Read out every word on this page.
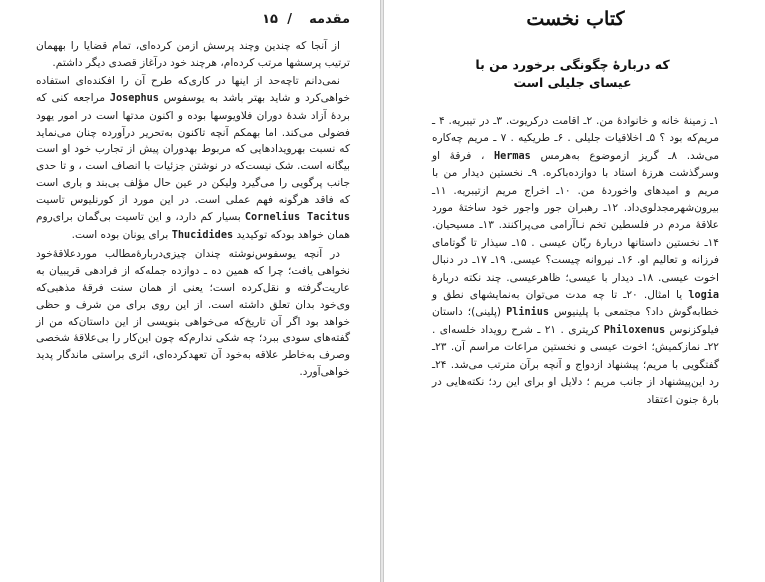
مقدمه
/
۱۵

از آنجا که چندین وچند پرسش ازمن کرده‌ای، تمام قضایا را بههمان ترتیب پرسشها مرتب کرده‌ام، هرچند خود درآغاز قصدی دیگر داشتم.

نمی‌دانم تاچه‌حد از اینها در کاری‌که طرح آن را افکنده‌ای استفاده خواهی‌کرد و شاید بهتر باشد به یوسفوس Josephus مراجعه کنی که بردهٔ آزاد شدهٔ دوران فلاویوسها بوده و اکنون مدتها است در امور یهود فضولی می‌کند. اما بهمکم آنچه تاکنون به‌تحریر درآورده چنان می‌نماید که نسبت بهرویدادهایی که مربوط بهدوران پیش از تجارب خود او است بیگانه است. شک نیست‌که در نوشتن جزئیات با انصاف است ، و تا حدی جانب پرگویی را می‌گیرد ولیکن در عین حال مؤلف بی‌بند و باری است که فاقد هرگونه فهم عملی است. در این مورد از کورنلیوس تاسیت Cornelius Tacitus بسیار کم دارد، و این تاسیت بی‌گمان برای‌روم همان خواهد بودکه توکیدید Thucidides برای یونان بوده است.

در آنچه یوسفوس‌نوشته چندان چیزی‌دربارهٔ‌مطالب موردعلاقهٔ‌خود نخواهی یافت؛ چرا که همین ده ـ دوازده جمله‌که از فرادهی قریبیان به عاریت‌گرفته و نقل‌کرده است؛ یعنی از همان سنت فرقهٔ مذهبی‌که وی‌خود بدان تعلق داشته است. از این روی برای من شرف و حظی خواهد بود اگر آن تاریخ‌که می‌خواهی بنویسی از این داستان‌که من از گفته‌های سودی ببرد؛ چه شکی ندارم‌که چون این‌کار را بی‌علاقهٔ شخصی وصرف به‌خاطر علاقه به‌خود آن تعهدکرده‌ای، اثری براستی ماندگار پدید خواهی‌آورد.

کتاب نخست
که دربارهٔ چگونگی برخورد من با
عیسای جلیلی است

۱ـ زمینهٔ خانه و خانوادهٔ من. ۲ـ اقامت درکریوت. ۳ـ در تیبریه. ۴ ـ مریم‌که بود ؟ ۵ـ اخلاقیات جلیلی . ۶ـ طریکیه . ۷ ـ مریم چه‌کاره می‌شد. ۸ـ گریز ازموضوع به‌هرمس Hermas ، فرقهٔ او وسرگذشت هرزهٔ استاد با دوازده‌باکره. ۹ـ نخستین دیدار من با مریم و امیدهای واخوردهٔ من. ۱۰ـ اخراج مریم ازتیبریه. ۱۱ـ بیرون‌شهرمجدلوی‌داد. ۱۲ـ رهبران جور واجور خود ساختهٔ مورد علاقهٔ مردم در فلسطین تخم‌ نـاآرامی می‌پراکنند. ۱۳ـ مسیحیان. ۱۴ـ نخستین داستانها دربارهٔ ربّان عیسی . ۱۵ـ سیذار تا گوتامای فرزانه و تعالیم او. ۱۶ـ نیروانه چیست؟ عیسی. ۱۹ـ ۱۷ـ در دنبال اخوت عیسی. ۱۸ـ دیدار با عیسی؛ ظاهرعیسی. چند نکته دربارهٔ logia یا امثال. ۲۰ـ تا چه مدت می‌توان به‌نمایشهای نطق و خطابه‌گوش داد؟ مجتمعی با پلینیوس Plinius (پلینی)؛ داستان فیلوکزنوس Philoxenus کریتری . ۲۱ ـ شرح رویداد خلسه‌ای . ۲۲ـ نمازکمیش؛ اخوت عیسی و نخستین مراعات مراسم آن. ۲۳ـ گفتگویی با مریم؛ پیشنهاد ازدواج و آنچه برآن مترتب می‌شد. ۲۴ـ رد این‌پیشنهاد از جانب مریم ؛ دلایل او برای این رد؛ نکته‌هایی در بارهٔ جنون اعتقاد
